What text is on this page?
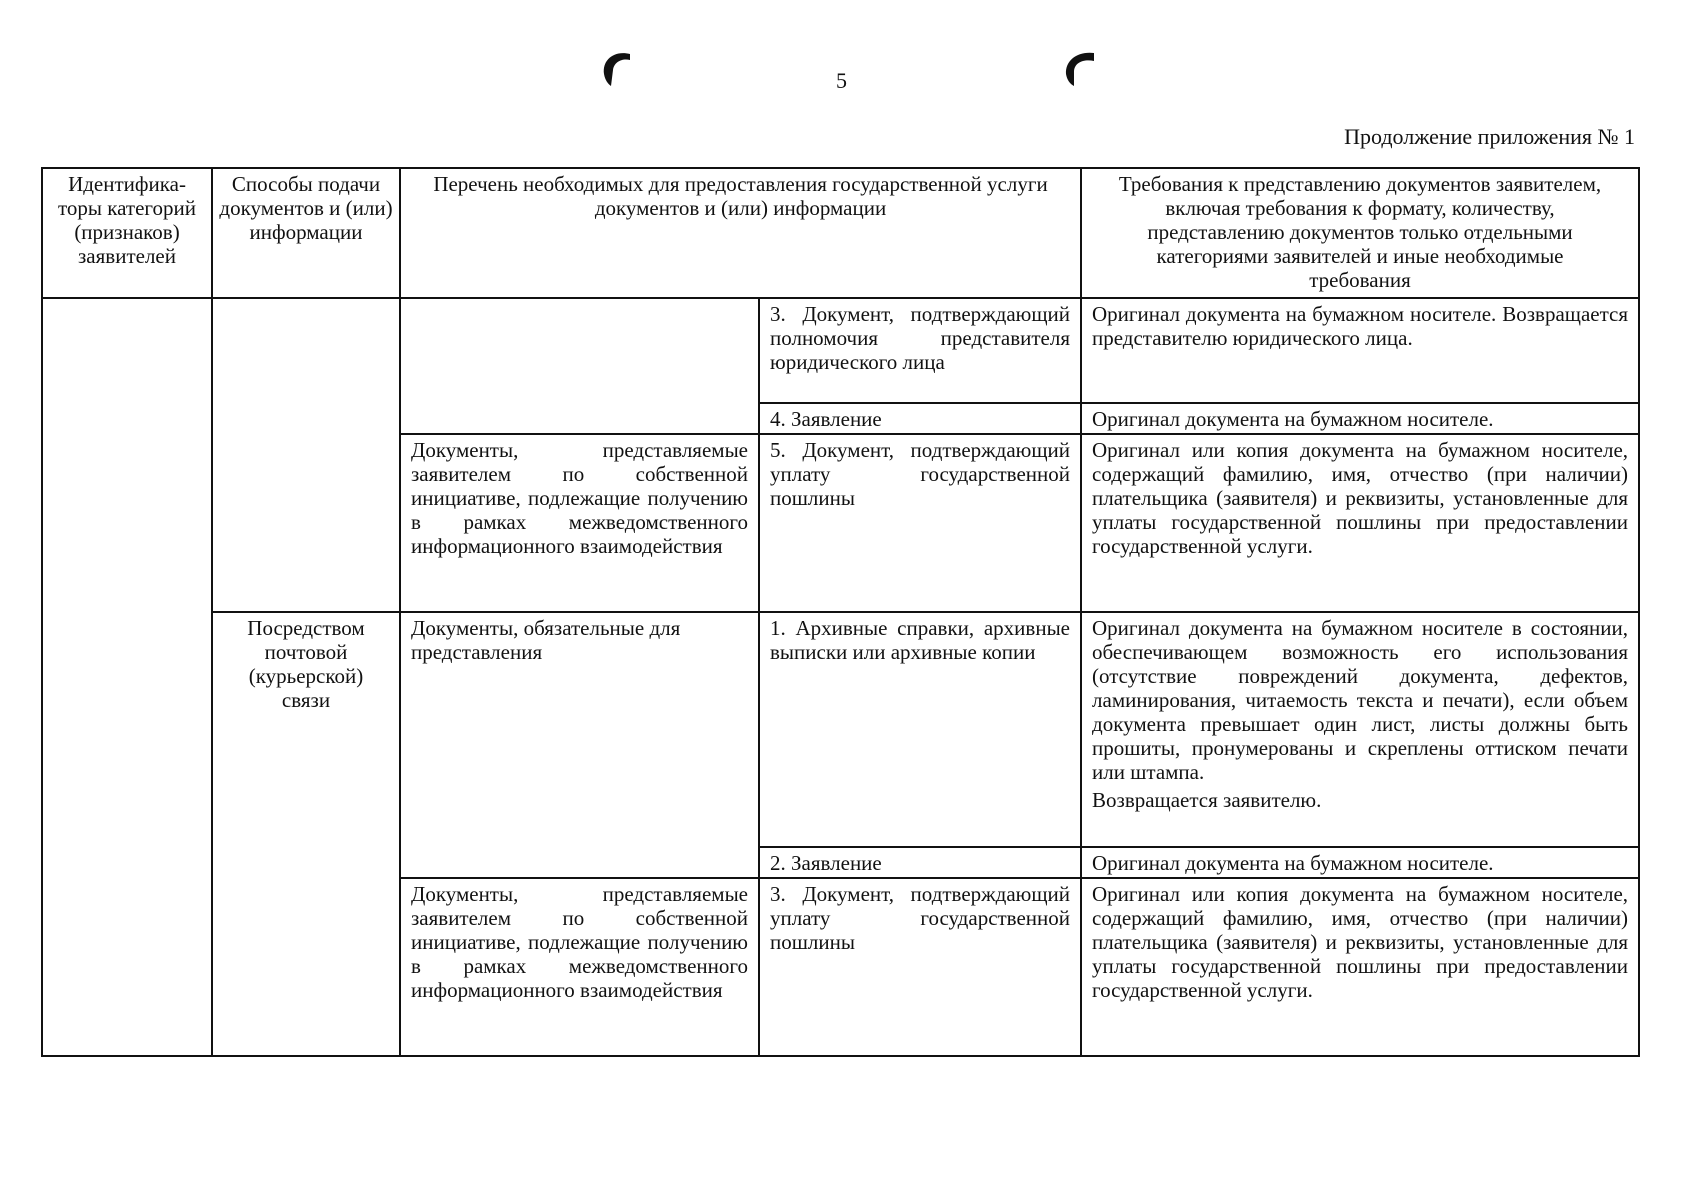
5
Продолжение приложения № 1
Идентифика-торы категорий (признаков) заявителей	Способы подачи документов и (или) информации	Перечень необходимых для предоставления государственной услуги документов и (или) информации		Требования к представлению документов заявителем, включая требования к формату, количеству, представлению документов только отдельными категориями заявителей и иные необходимые требования
			3. Документ, подтверждающий полномочия представителя юридического лица	Оригинал документа на бумажном носителе. Возвращается представителю юридического лица.
			4. Заявление	Оригинал документа на бумажном носителе.
		Документы, представляемые заявителем по собственной инициативе, подлежащие получению в рамках межведомственного информационного взаимодействия	5. Документ, подтверждающий уплату государственной пошлины	Оригинал или копия документа на бумажном носителе, содержащий фамилию, имя, отчество (при наличии) плательщика (заявителя) и реквизиты, установленные для уплаты государственной пошлины при предоставлении государственной услуги.
	Посредством почтовой (курьерской) связи	Документы, обязательные для представления	1. Архивные справки, архивные выписки или архивные копии	Оригинал документа на бумажном носителе в состоянии, обеспечивающем возможность его использования (отсутствие повреждений документа, дефектов, ламинирования, читаемость текста и печати), если объем документа превышает один лист, листы должны быть прошиты, пронумерованы и скреплены оттиском печати или штампа.
Возвращается заявителю.

			2. Заявление	Оригинал документа на бумажном носителе.
		Документы, представляемые заявителем по собственной инициативе, подлежащие получению в рамках межведомственного информационного взаимодействия	3. Документ, подтверждающий уплату государственной пошлины	Оригинал или копия документа на бумажном носителе, содержащий фамилию, имя, отчество (при наличии) плательщика (заявителя) и реквизиты, установленные для уплаты государственной пошлины при предоставлении государственной услуги.
